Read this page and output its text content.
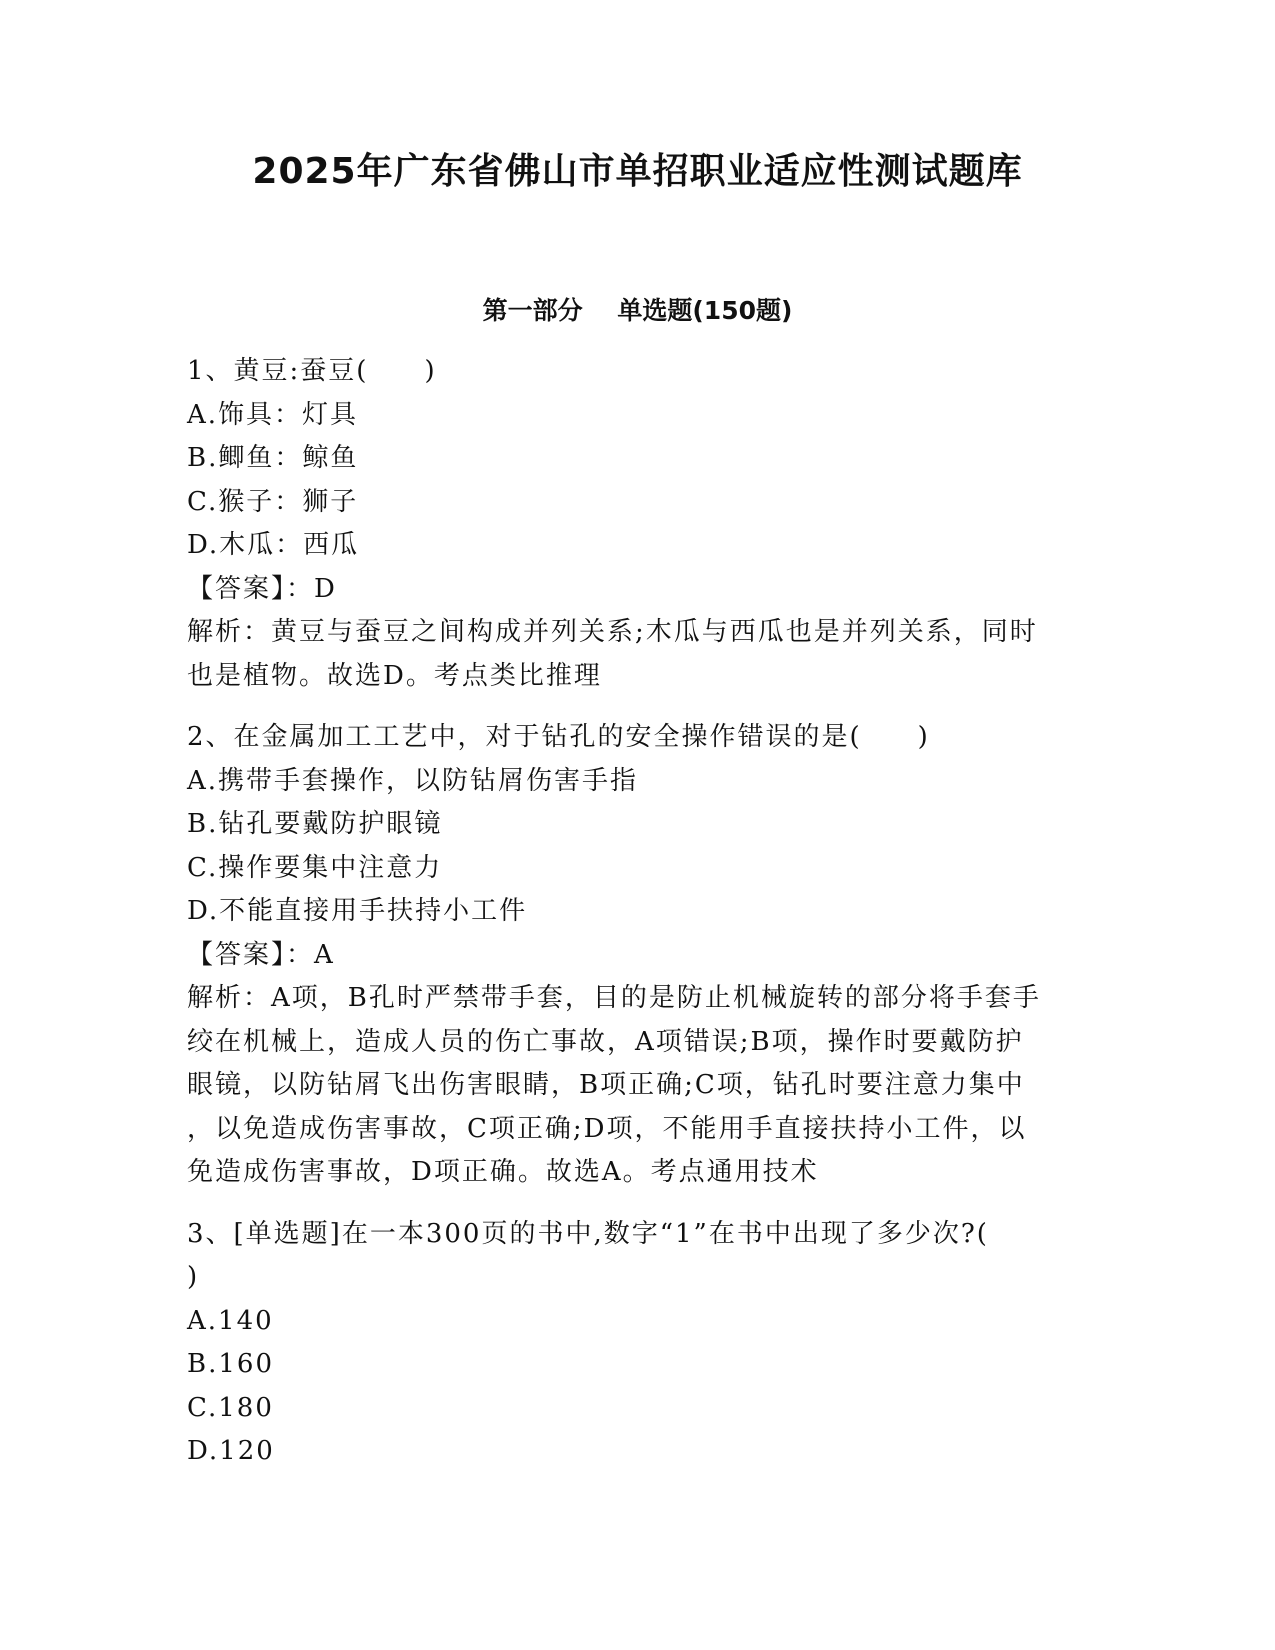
2025年广东省佛山市单招职业适应性测试题库
第一部分    单选题(150题)
1、黄豆:蚕豆(　　)
A.饰具：灯具
B.鲫鱼：鲸鱼
C.猴子：狮子
D.木瓜：西瓜
【答案】：D
解析：黄豆与蚕豆之间构成并列关系;木瓜与西瓜也是并列关系，同时
也是植物。故选D。考点类比推理
2、在金属加工工艺中，对于钻孔的安全操作错误的是(　　)
A.携带手套操作，以防钻屑伤害手指
B.钻孔要戴防护眼镜
C.操作要集中注意力
D.不能直接用手扶持小工件
【答案】：A
解析：A项，B孔时严禁带手套，目的是防止机械旋转的部分将手套手
绞在机械上，造成人员的伤亡事故，A项错误;B项，操作时要戴防护
眼镜，以防钻屑飞出伤害眼睛，B项正确;C项，钻孔时要注意力集中
，以免造成伤害事故，C项正确;D项，不能用手直接扶持小工件，以
免造成伤害事故，D项正确。故选A。考点通用技术
3、[单选题]在一本300页的书中,数字“1”在书中出现了多少次?(
)
A.140
B.160
C.180
D.120
